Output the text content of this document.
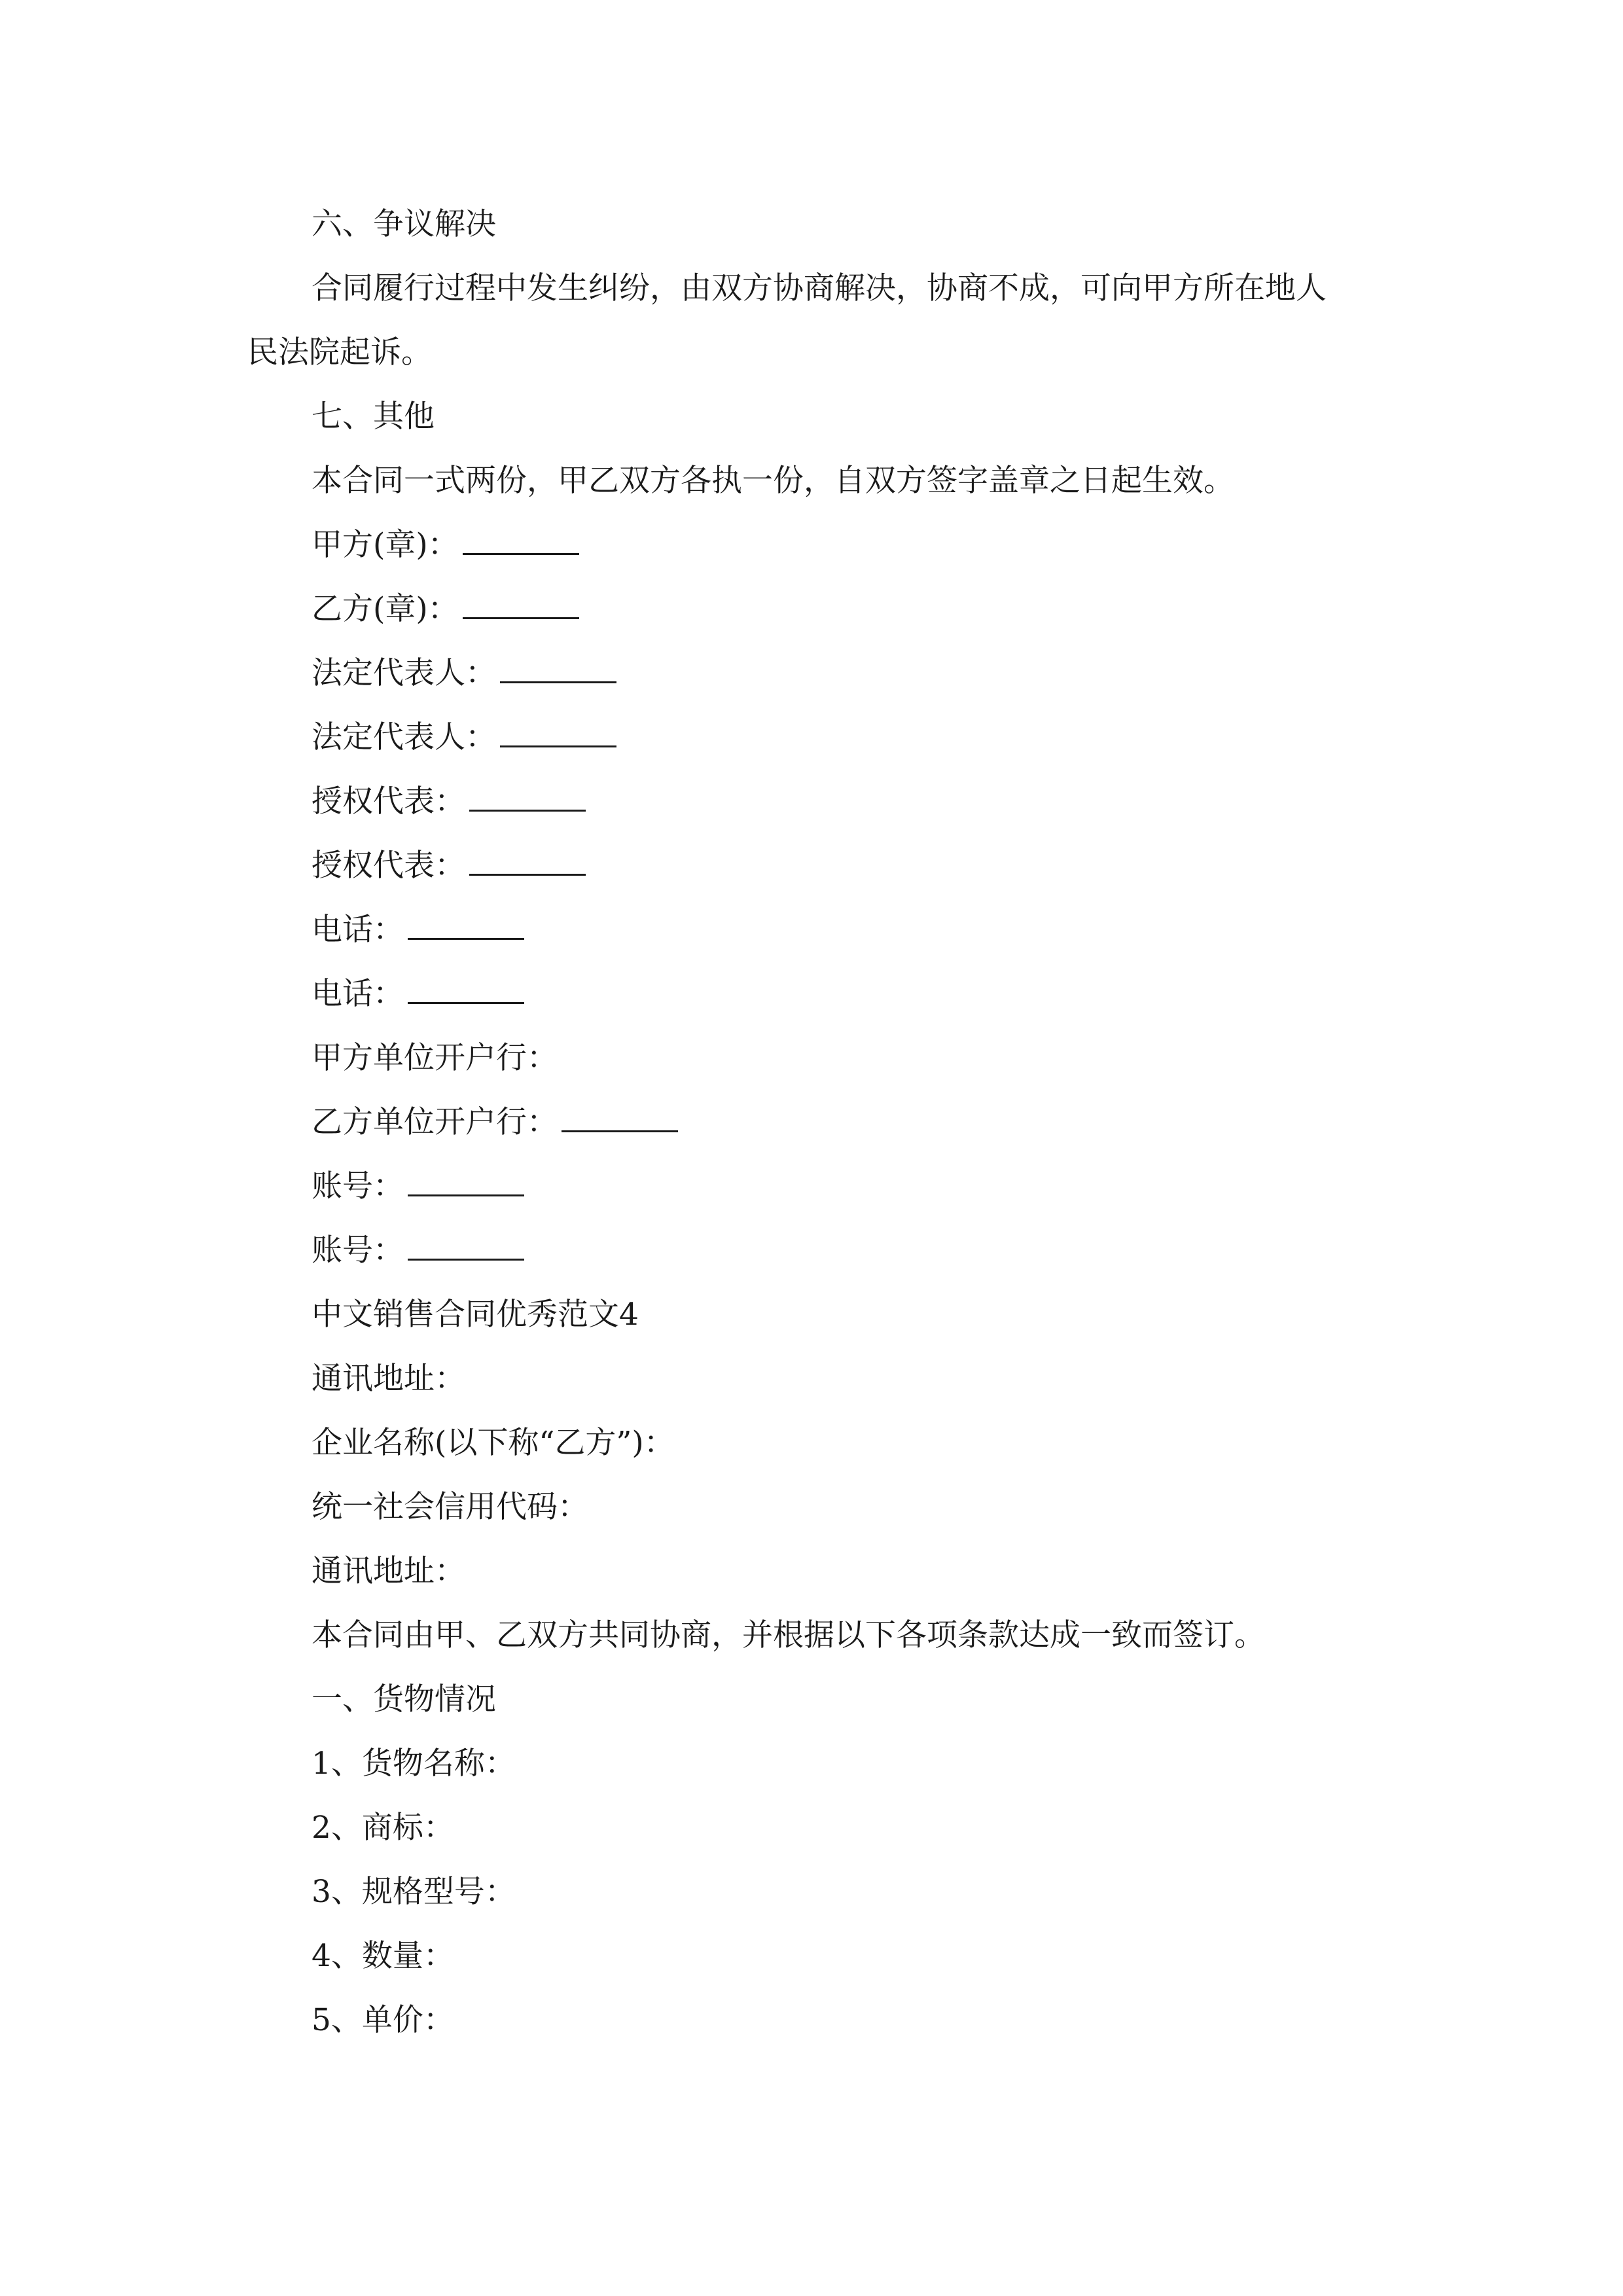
六、争议解决
合同履行过程中发生纠纷，由双方协商解决，协商不成，可向甲方所在地人
民法院起诉。
七、其他
本合同一式两份，甲乙双方各执一份，自双方签字盖章之日起生效。
甲方(章)：
乙方(章)：
法定代表人：
法定代表人：
授权代表：
授权代表：
电话：
电话：
甲方单位开户行：
乙方单位开户行：
账号：
账号：
中文销售合同优秀范文4
通讯地址：
企业名称(以下称“乙方”)：
统一社会信用代码：
通讯地址：
本合同由甲、乙双方共同协商，并根据以下各项条款达成一致而签订。
一、货物情况
1、货物名称：
2、商标：
3、规格型号：
4、数量：
5、单价：
